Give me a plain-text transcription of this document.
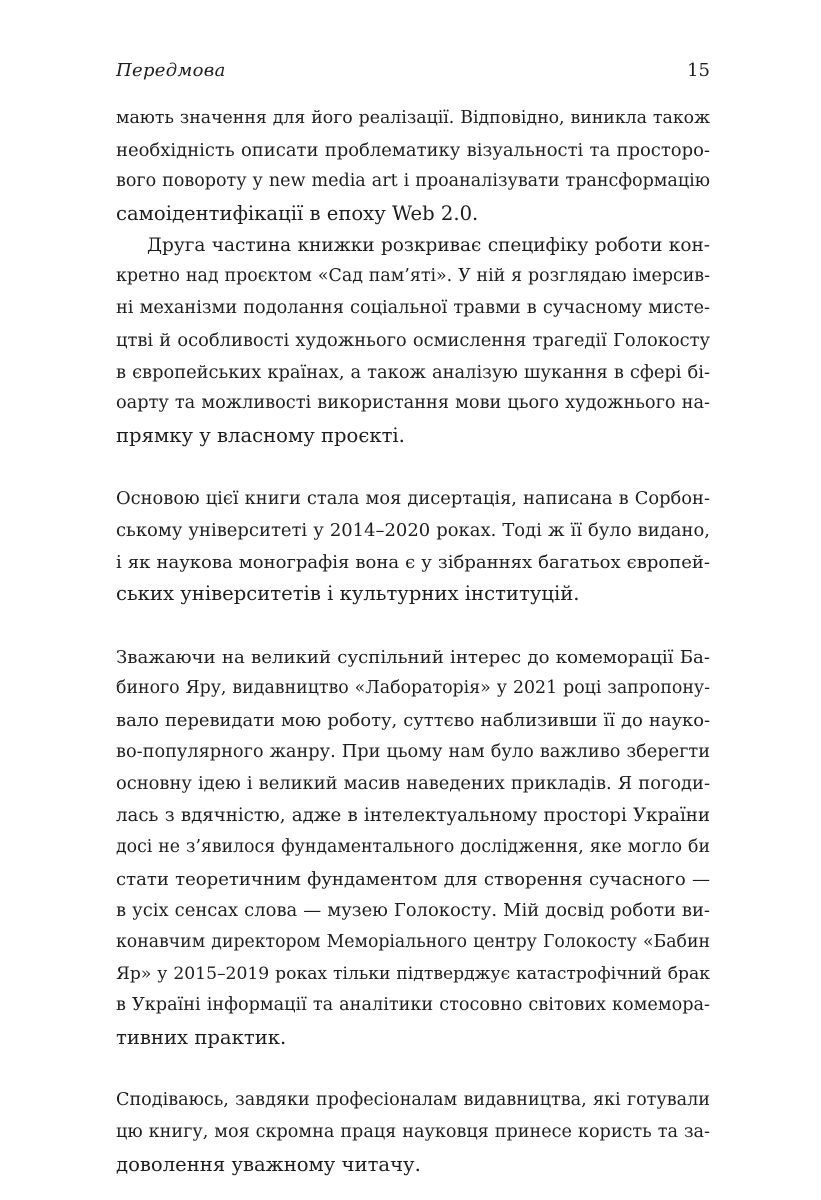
Передмова	15
мають значення для його реалізації. Відповідно, виникла також
необхідність описати проблематику візуальності та просторо-
вого повороту у new media art і проаналізувати трансформацію
самоідентифікації в епоху Web 2.0.
Друга частина книжки розкриває специфіку роботи кон-
кретно над проєктом «Сад пам’яті». У ній я розглядаю імерсив-
ні механізми подолання соціальної травми в сучасному мисте-
цтві й особливості художнього осмислення трагедії Голокосту
в європейських країнах, а також аналізую шукання в сфері бі-
оарту та можливості використання мови цього художнього на-
прямку у власному проєкті.
Основою цієї книги стала моя дисертація, написана в Сорбон-
ському університеті у 2014–2020 роках. Тоді ж її було видано,
і як наукова монографія вона є у зібраннях багатьох європей-
ських університетів і культурних інституцій.
Зважаючи на великий суспільний інтерес до комеморації Ба-
биного Яру, видавництво «Лабораторія» у 2021 році запропону-
вало перевидати мою роботу, суттєво наблизивши її до науко-
во-популярного жанру. При цьому нам було важливо зберегти
основну ідею і великий масив наведених прикладів. Я погоди-
лась з вдячністю, адже в інтелектуальному просторі України
досі не з’явилося фундаментального дослідження, яке могло би
стати теоретичним фундаментом для створення сучасного —
в усіх сенсах слова — музею Голокосту. Мій досвід роботи ви-
конавчим директором Меморіального центру Голокосту «Бабин
Яр» у 2015–2019 роках тільки підтверджує катастрофічний брак
в Україні інформації та аналітики стосовно світових комемора-
тивних практик.
Сподіваюсь, завдяки професіоналам видавництва, які готували
цю книгу, моя скромна праця науковця принесе користь та за-
доволення уважному читачу.
